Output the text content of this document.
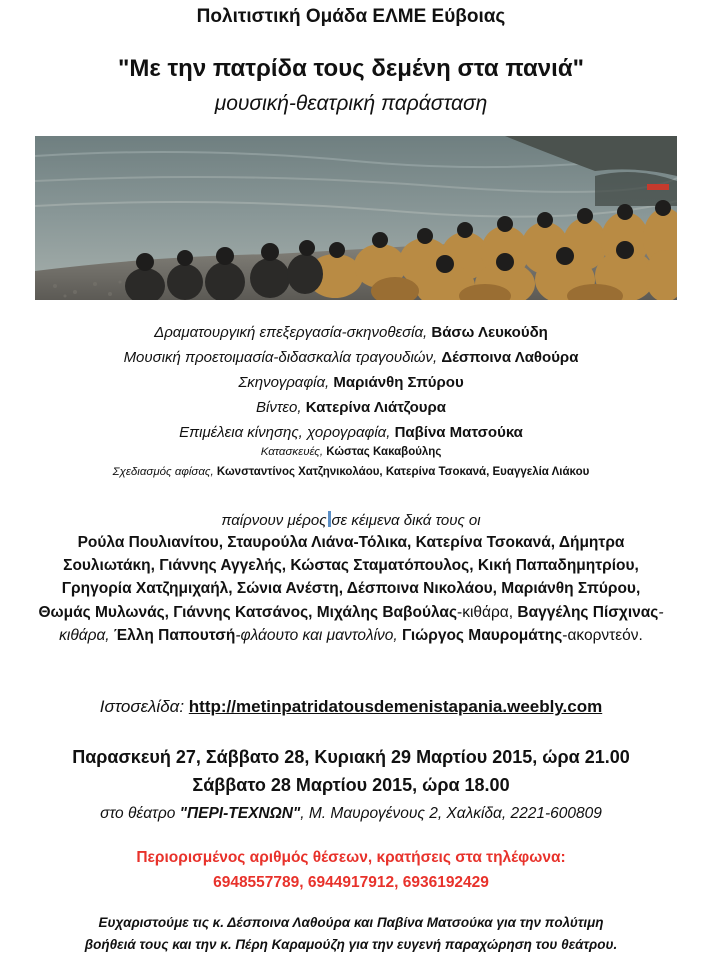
Πολιτιστική Ομάδα ΕΛΜΕ Εύβοιας
"Με την πατρίδα τους δεμένη στα πανιά"
μουσική-θεατρική παράσταση
Δραματουργική επεξεργασία-σκηνοθεσία, Βάσω Λευκούδη
Μουσική προετοιμασία-διδασκαλία τραγουδιών, Δέσποινα Λαθούρα
Σκηνογραφία, Μαριάνθη Σπύρου
Βίντεο, Κατερίνα Λιάτζουρα
Επιμέλεια κίνησης, χορογραφία, Παβίνα Ματσούκα
Κατασκευές, Κώστας Κακαβούλης
Σχεδιασμός αφίσας, Κωνσταντίνος Χατζηνικολάου, Κατερίνα Τσοκανά, Ευαγγελία Λιάκου
παίρνουν μέρος σε κέιμενα δικά τους οι
Ρούλα Πουλιανίτου, Σταυρούλα Λιάνα-Τόλικα, Κατερίνα Τσοκανά, Δήμητρα Σουλιωτάκη, Γιάννης Αγγελής, Κώστας Σταματόπουλος, Κική Παπαδημητρίου, Γρηγορία Χατζημιχαήλ, Σώνια Ανέστη, Δέσποινα Νικολάου, Μαριάνθη Σπύρου, Θωμάς Μυλωνάς, Γιάννης Κατσάνος, Μιχάλης Βαβούλας-κιθάρα, Βαγγέλης Πίσχινας-κιθάρα, Έλλη Παπουτσή-φλάουτο και μαντολίνο, Γιώργος Μαυρομάτης-ακορντεόν.
Ιστοσελίδα: http://metinpatridatousdemenistapania.weebly.com
Παρασκευή 27, Σάββατο 28, Κυριακή 29 Μαρτίου 2015, ώρα 21.00
Σάββατο 28 Μαρτίου 2015, ώρα 18.00
στο θέατρο "ΠΕΡΙ-ΤΕΧΝΩΝ", Μ. Μαυρογένους 2, Χαλκίδα, 2221-600809
Περιορισμένος αριθμός θέσεων, κρατήσεις στα τηλέφωνα:
6948557789, 6944917912, 6936192429
Ευχαριστούμε τις κ. Δέσποινα Λαθούρα και Παβίνα Ματσούκα για την πολύτιμη
βοήθειά τους και την κ. Πέρη Καραμούζη για την ευγενή παραχώρηση του θεάτρου.
